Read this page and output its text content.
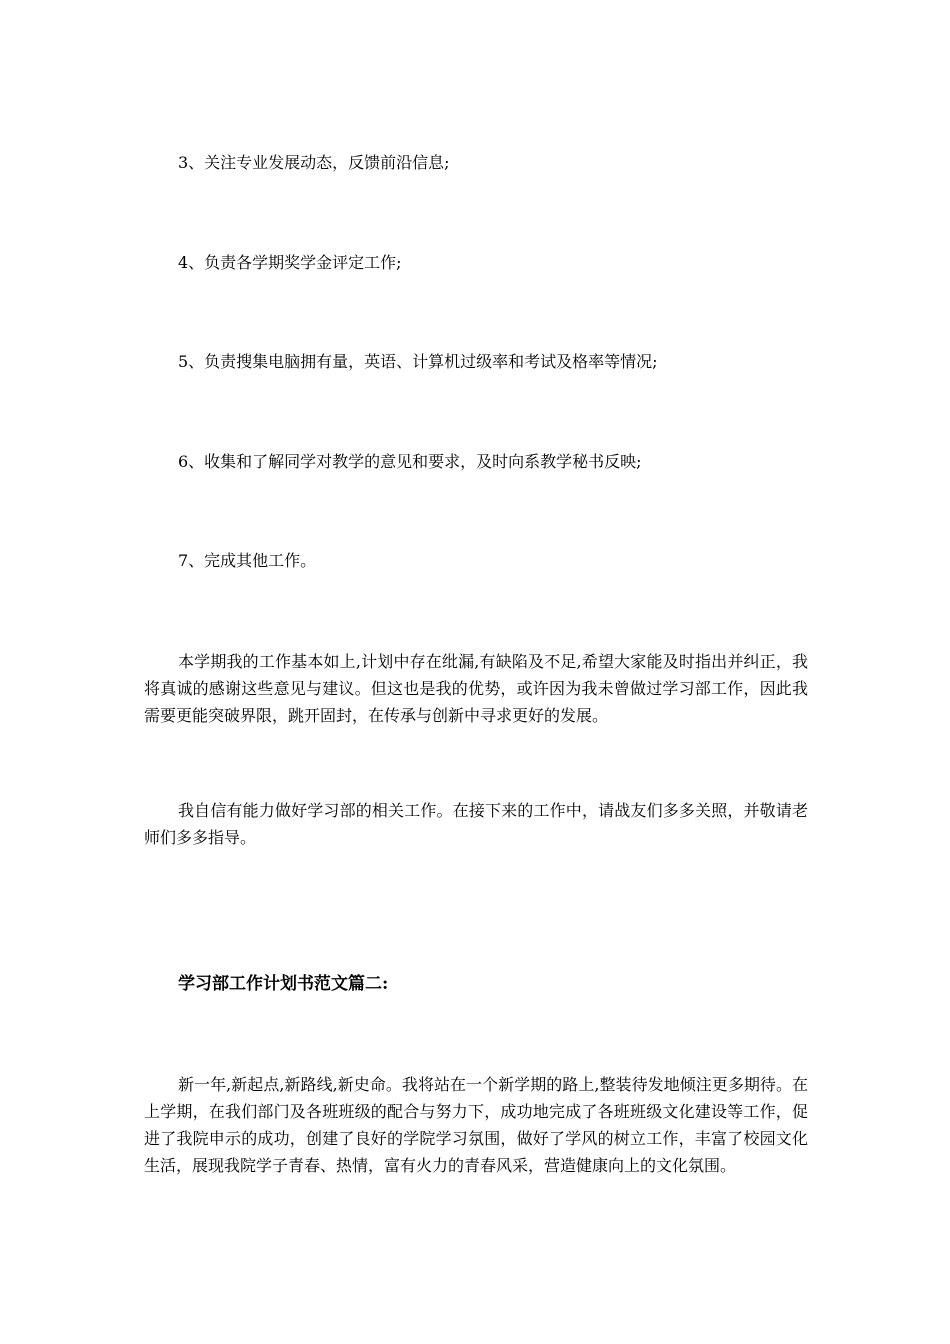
3、关注专业发展动态，反馈前沿信息;
4、负责各学期奖学金评定工作;
5、负责搜集电脑拥有量，英语、计算机过级率和考试及格率等情况;
6、收集和了解同学对教学的意见和要求，及时向系教学秘书反映;
7、完成其他工作。
本学期我的工作基本如上,计划中存在纰漏,有缺陷及不足,希望大家能及时指出并纠正，我将真诚的感谢这些意见与建议。但这也是我的优势，或许因为我未曾做过学习部工作，因此我需要更能突破界限，跳开固封，在传承与创新中寻求更好的发展。
我自信有能力做好学习部的相关工作。在接下来的工作中，请战友们多多关照，并敬请老师们多多指导。
学习部工作计划书范文篇二:
新一年,新起点,新路线,新史命。我将站在一个新学期的路上,整装待发地倾注更多期待。在上学期，在我们部门及各班班级的配合与努力下，成功地完成了各班班级文化建设等工作，促进了我院申示的成功，创建了良好的学院学习氛围，做好了学风的树立工作，丰富了校园文化生活，展现我院学子青春、热情，富有火力的青春风采，营造健康向上的文化氛围。
